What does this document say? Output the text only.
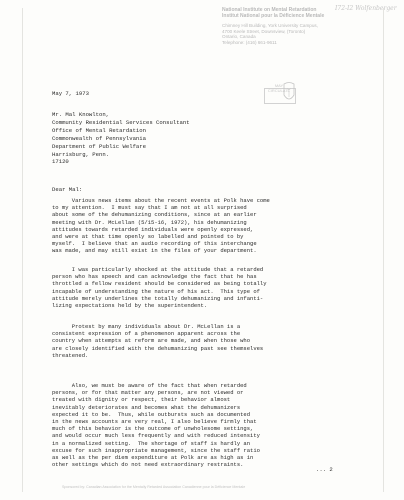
I72-I2 Wolfenberger
National Institute on Mental Retardation
Institut National pour la Déficience Mentale
Chimney Hill Building, York University Campus,
4700 Keele Street, Downsview, (Toronto)
Ontario, Canada
Telephone: (416) 661-9611
MAY
CIRCULATE
May 7, 1973
Mr. Mal Knowlton,
Community Residential Services Consultant
Office of Mental Retardation
Commonwealth of Pennsylvania
Department of Public Welfare
Harrisburg, Penn.
17120
Dear Mal:
Various news items about the recent events at Polk have come
to my attention.  I must say that I am not at all surprised
about some of the dehumanizing conditions, since at an earlier
meeting with Dr. McLellan (5/15-16, 1972), his dehumanizing
attitudes towards retarded individuals were openly expressed,
and were at that time openly so labelled and pointed to by
myself.  I believe that an audio recording of this interchange
was made, and may still exist in the files of your department.
I was particularly shocked at the attitude that a retarded
person who has speech and can acknowledge the fact that he has
throttled a fellow resident should be considered as being totally
incapable of understanding the nature of his act.  This type of
attitude merely underlines the totally dehumanizing and infanti-
lizing expectations held by the superintendent.
Protest by many individuals about Dr. McLellan is a
consistent expression of a phenomenon apparent across the
country when attempts at reform are made, and when those who
are closely identified with the dehumanizing past see themselves
threatened.
Also, we must be aware of the fact that when retarded
persons, or for that matter any persons, are not viewed or
treated with dignity or respect, their behavior almost
inevitably deteriorates and becomes what the dehumanizers
expected it to be.  Thus, while outbursts such as documented
in the news accounts are very real, I also believe firmly that
much of this behavior is the outcome of unwholesome settings,
and would occur much less frequently and with reduced intensity
in a normalized setting.  The shortage of staff is hardly an
excuse for such inappropriate management, since the staff ratio
as well as the per diem expenditure at Polk are as high as in
other settings which do not need extraordinary restraints.
... 2
Sponsored by: Canadian Association for the Mentally Retarded Association Canadienne pour la Déficience Mentale
